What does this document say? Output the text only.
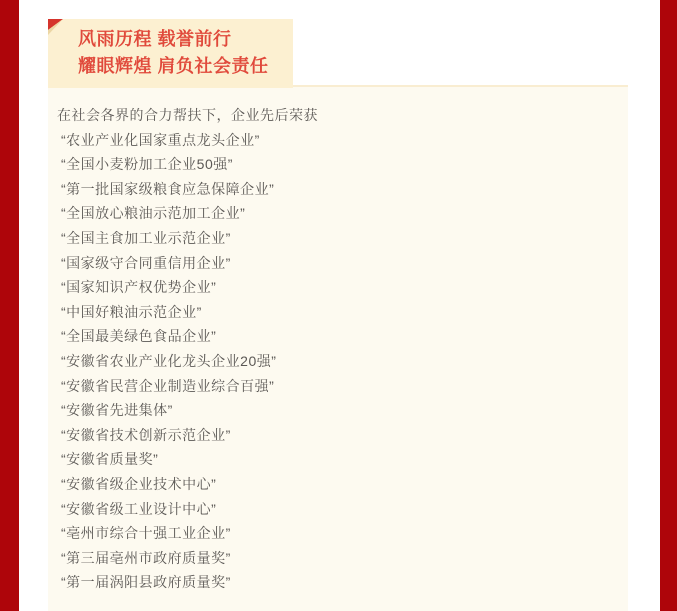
风雨历程 载誉前行
耀眼辉煌 肩负社会责任

在社会各界的合力帮扶下，企业先后荣获

“农业产业化国家重点龙头企业”

“全国小麦粉加工企业50强”

“第一批国家级粮食应急保障企业”

“全国放心粮油示范加工企业”

“全国主食加工业示范企业”

“国家级守合同重信用企业”

“国家知识产权优势企业”

“中国好粮油示范企业”

“全国最美绿色食品企业”

“安徽省农业产业化龙头企业20强”

“安徽省民营企业制造业综合百强”

“安徽省先进集体”

“安徽省技术创新示范企业”

“安徽省质量奖”

“安徽省级企业技术中心”

“安徽省级工业设计中心”

“亳州市综合十强工业企业”

“第三届亳州市政府质量奖”

“第一届涡阳县政府质量奖”
